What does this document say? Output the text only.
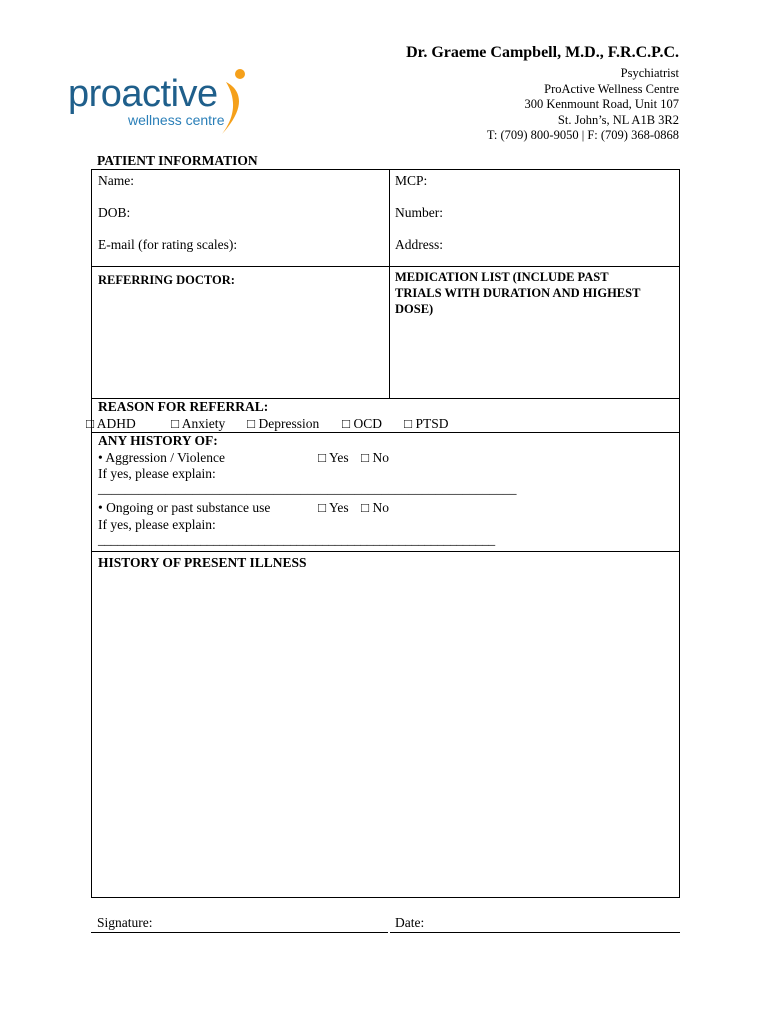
proactive
wellness centre
Dr. Graeme Campbell, M.D., F.R.C.P.C.
Psychiatrist
ProActive Wellness Centre
300 Kenmount Road, Unit 107
St. John’s, NL A1B 3R2
T: (709) 800-9050 | F: (709) 368-0868
PATIENT INFORMATION
Name:	MCP:
DOB:	Number:
E-mail (for rating scales):	Address:
REFERRING DOCTOR:	MEDICATION LIST (INCLUDE PAST TRIALS WITH DURATION AND HIGHEST DOSE)
REASON FOR REFERRAL:
□ ADHD	□ Anxiety □ Depression □ OCD □ PTSD
ANY HISTORY OF:
• Aggression / Violence	□ Yes □ No
If yes, please explain:
______________________________________________________________
• Ongoing or past substance use	□ Yes □ No
If yes, please explain:
______________________________________________________________
HISTORY OF PRESENT ILLNESS
Signature:	Date:
